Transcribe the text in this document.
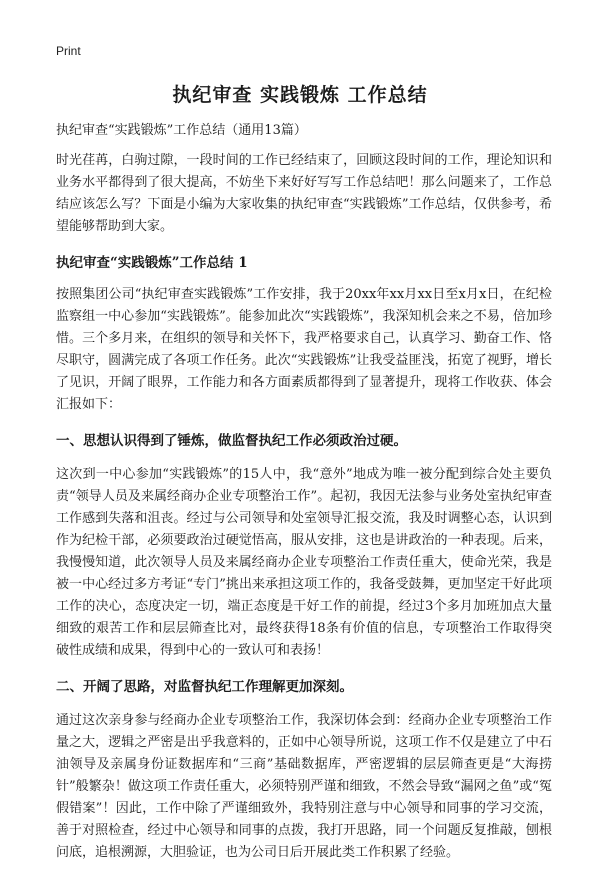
Print
执纪审查 实践锻炼 工作总结

执纪审查“实践锻炼”工作总结（通用13篇）

时光荏苒，白驹过隙，一段时间的工作已经结束了，回顾这段时间的工作，理论知识和业务水平都得到了很大提高，不妨坐下来好好写写工作总结吧！那么问题来了，工作总结应该怎么写？下面是小编为大家收集的执纪审查“实践锻炼”工作总结，仅供参考，希望能够帮助到大家。

执纪审查“实践锻炼”工作总结 1

按照集团公司“执纪审查实践锻炼”工作安排，我于20xx年xx月xx日至x月x日，在纪检监察组一中心参加“实践锻炼”。能参加此次“实践锻炼”，我深知机会来之不易，倍加珍惜。三个多月来，在组织的领导和关怀下，我严格要求自己，认真学习、勤奋工作、恪尽职守，圆满完成了各项工作任务。此次“实践锻炼”让我受益匪浅，拓宽了视野，增长了见识，开阔了眼界，工作能力和各方面素质都得到了显著提升，现将工作收获、体会汇报如下：

一、思想认识得到了锤炼，做监督执纪工作必须政治过硬。

这次到一中心参加“实践锻炼”的15人中，我“意外”地成为唯一被分配到综合处主要负责“领导人员及来属经商办企业专项整治工作”。起初，我因无法参与业务处室执纪审查工作感到失落和沮丧。经过与公司领导和处室领导汇报交流，我及时调整心态，认识到作为纪检干部，必须要政治过硬觉悟高，服从安排，这也是讲政治的一种表现。后来，我慢慢知道，此次领导人员及来属经商办企业专项整治工作责任重大，使命光荣，我是被一中心经过多方考证“专门”挑出来承担这项工作的，我备受鼓舞，更加坚定干好此项工作的决心，态度决定一切，端正态度是干好工作的前提，经过3个多月加班加点大量细致的艰苦工作和层层筛查比对，最终获得18条有价值的信息，专项整治工作取得突破性成绩和成果，得到中心的一致认可和表扬！

二、开阔了思路，对监督执纪工作理解更加深刻。

通过这次亲身参与经商办企业专项整治工作，我深切体会到：经商办企业专项整治工作量之大，逻辑之严密是出乎我意料的，正如中心领导所说，这项工作不仅是建立了中石油领导及亲属身份证数据库和“三商”基础数据库，严密逻辑的层层筛查更是“大海捞针”般繁杂！做这项工作责任重大，必须特别严谨和细致，不然会导致“漏网之鱼”或“冤假错案”！因此，工作中除了严谨细致外，我特别注意与中心领导和同事的学习交流，善于对照检查，经过中心领导和同事的点拨，我打开思路，同一个问题反复推敲，刨根问底，追根溯源，大胆验证，也为公司日后开展此类工作积累了经验。
